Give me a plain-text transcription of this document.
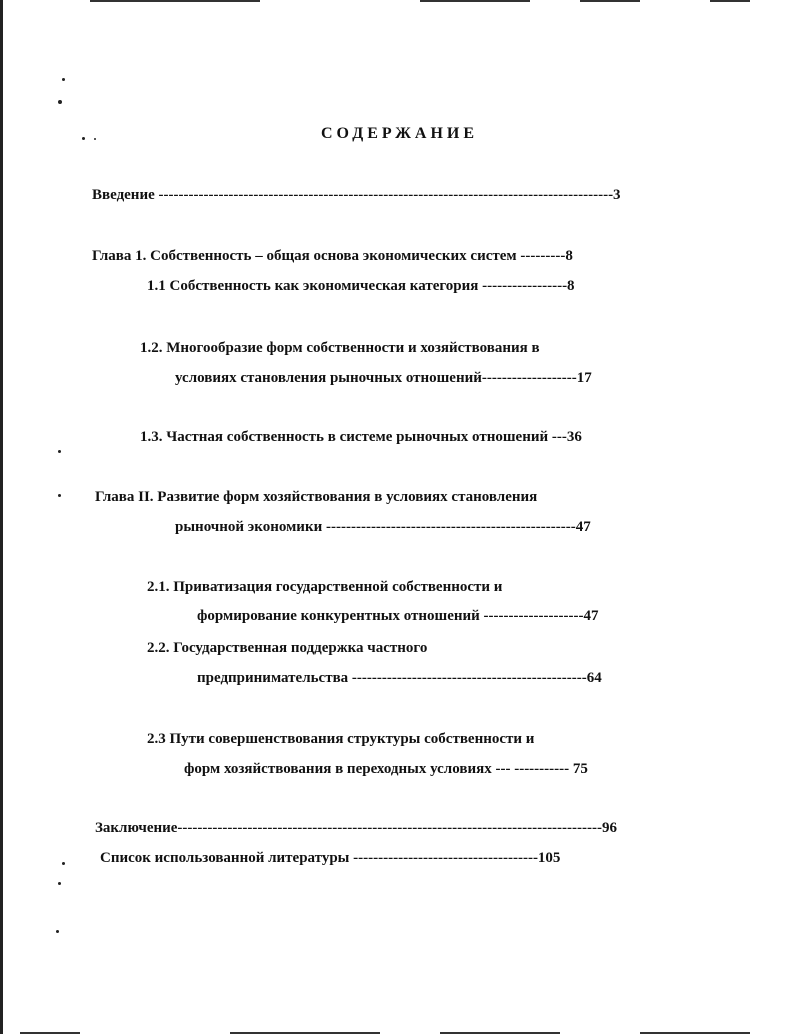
СОДЕРЖАНИЕ
Введение -------------------------------------------------------------------------------------------3
Глава 1. Собственность – общая основа экономических систем ---------8
1.1 Собственность как экономическая категория -----------------8
1.2. Многообразие форм собственности и хозяйствования в
условиях становления рыночных отношений-------------------17
1.3. Частная собственность в системе рыночных отношений ---36
Глава II. Развитие форм хозяйствования в условиях становления
рыночной экономики --------------------------------------------------47
2.1. Приватизация государственной собственности и
формирование конкурентных отношений --------------------47
2.2. Государственная поддержка частного
предпринимательства -----------------------------------------------64
2.3 Пути совершенствования структуры собственности и
форм хозяйствования в переходных условиях --- ----------- 75
Заключение-------------------------------------------------------------------------------------96
Список использованной литературы -------------------------------------105
